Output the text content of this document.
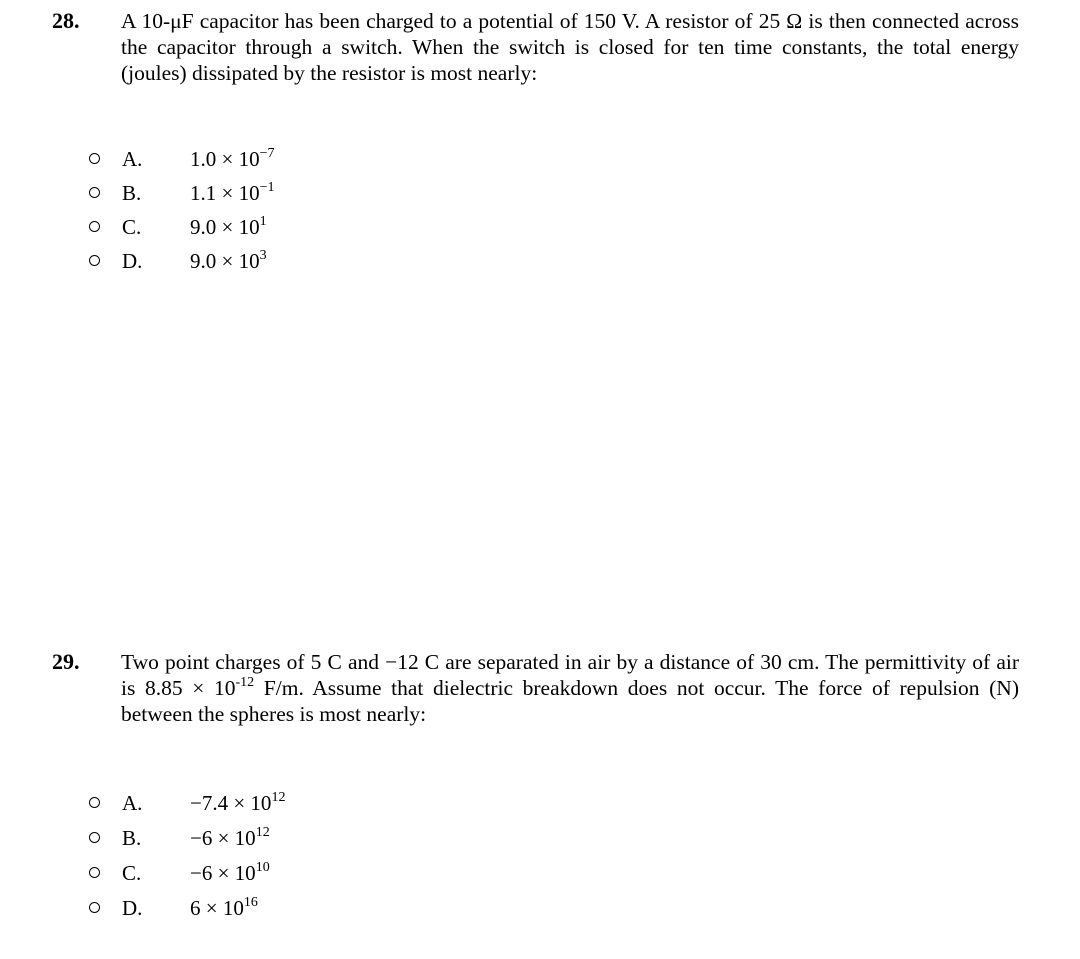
28. A 10-μF capacitor has been charged to a potential of 150 V. A resistor of 25 Ω is then connected across the capacitor through a switch. When the switch is closed for ten time constants, the total energy (joules) dissipated by the resistor is most nearly:
A. $1.0 \times 10^{-7}$
B. $1.1 \times 10^{-1}$
C. $9.0 \times 10^1$
D. $9.0 \times 10^3$
29. Two point charges of 5 C and −12 C are separated in air by a distance of 30 cm. The permittivity of air is $8.85 \times 10^{-12}$ F/m. Assume that dielectric breakdown does not occur. The force of repulsion (N) between the spheres is most nearly:
A. $-7.4 \times 10^{12}$
B. $-6 \times 10^{12}$
C. $-6 \times 10^{10}$
D. $6 \times 10^{16}$
